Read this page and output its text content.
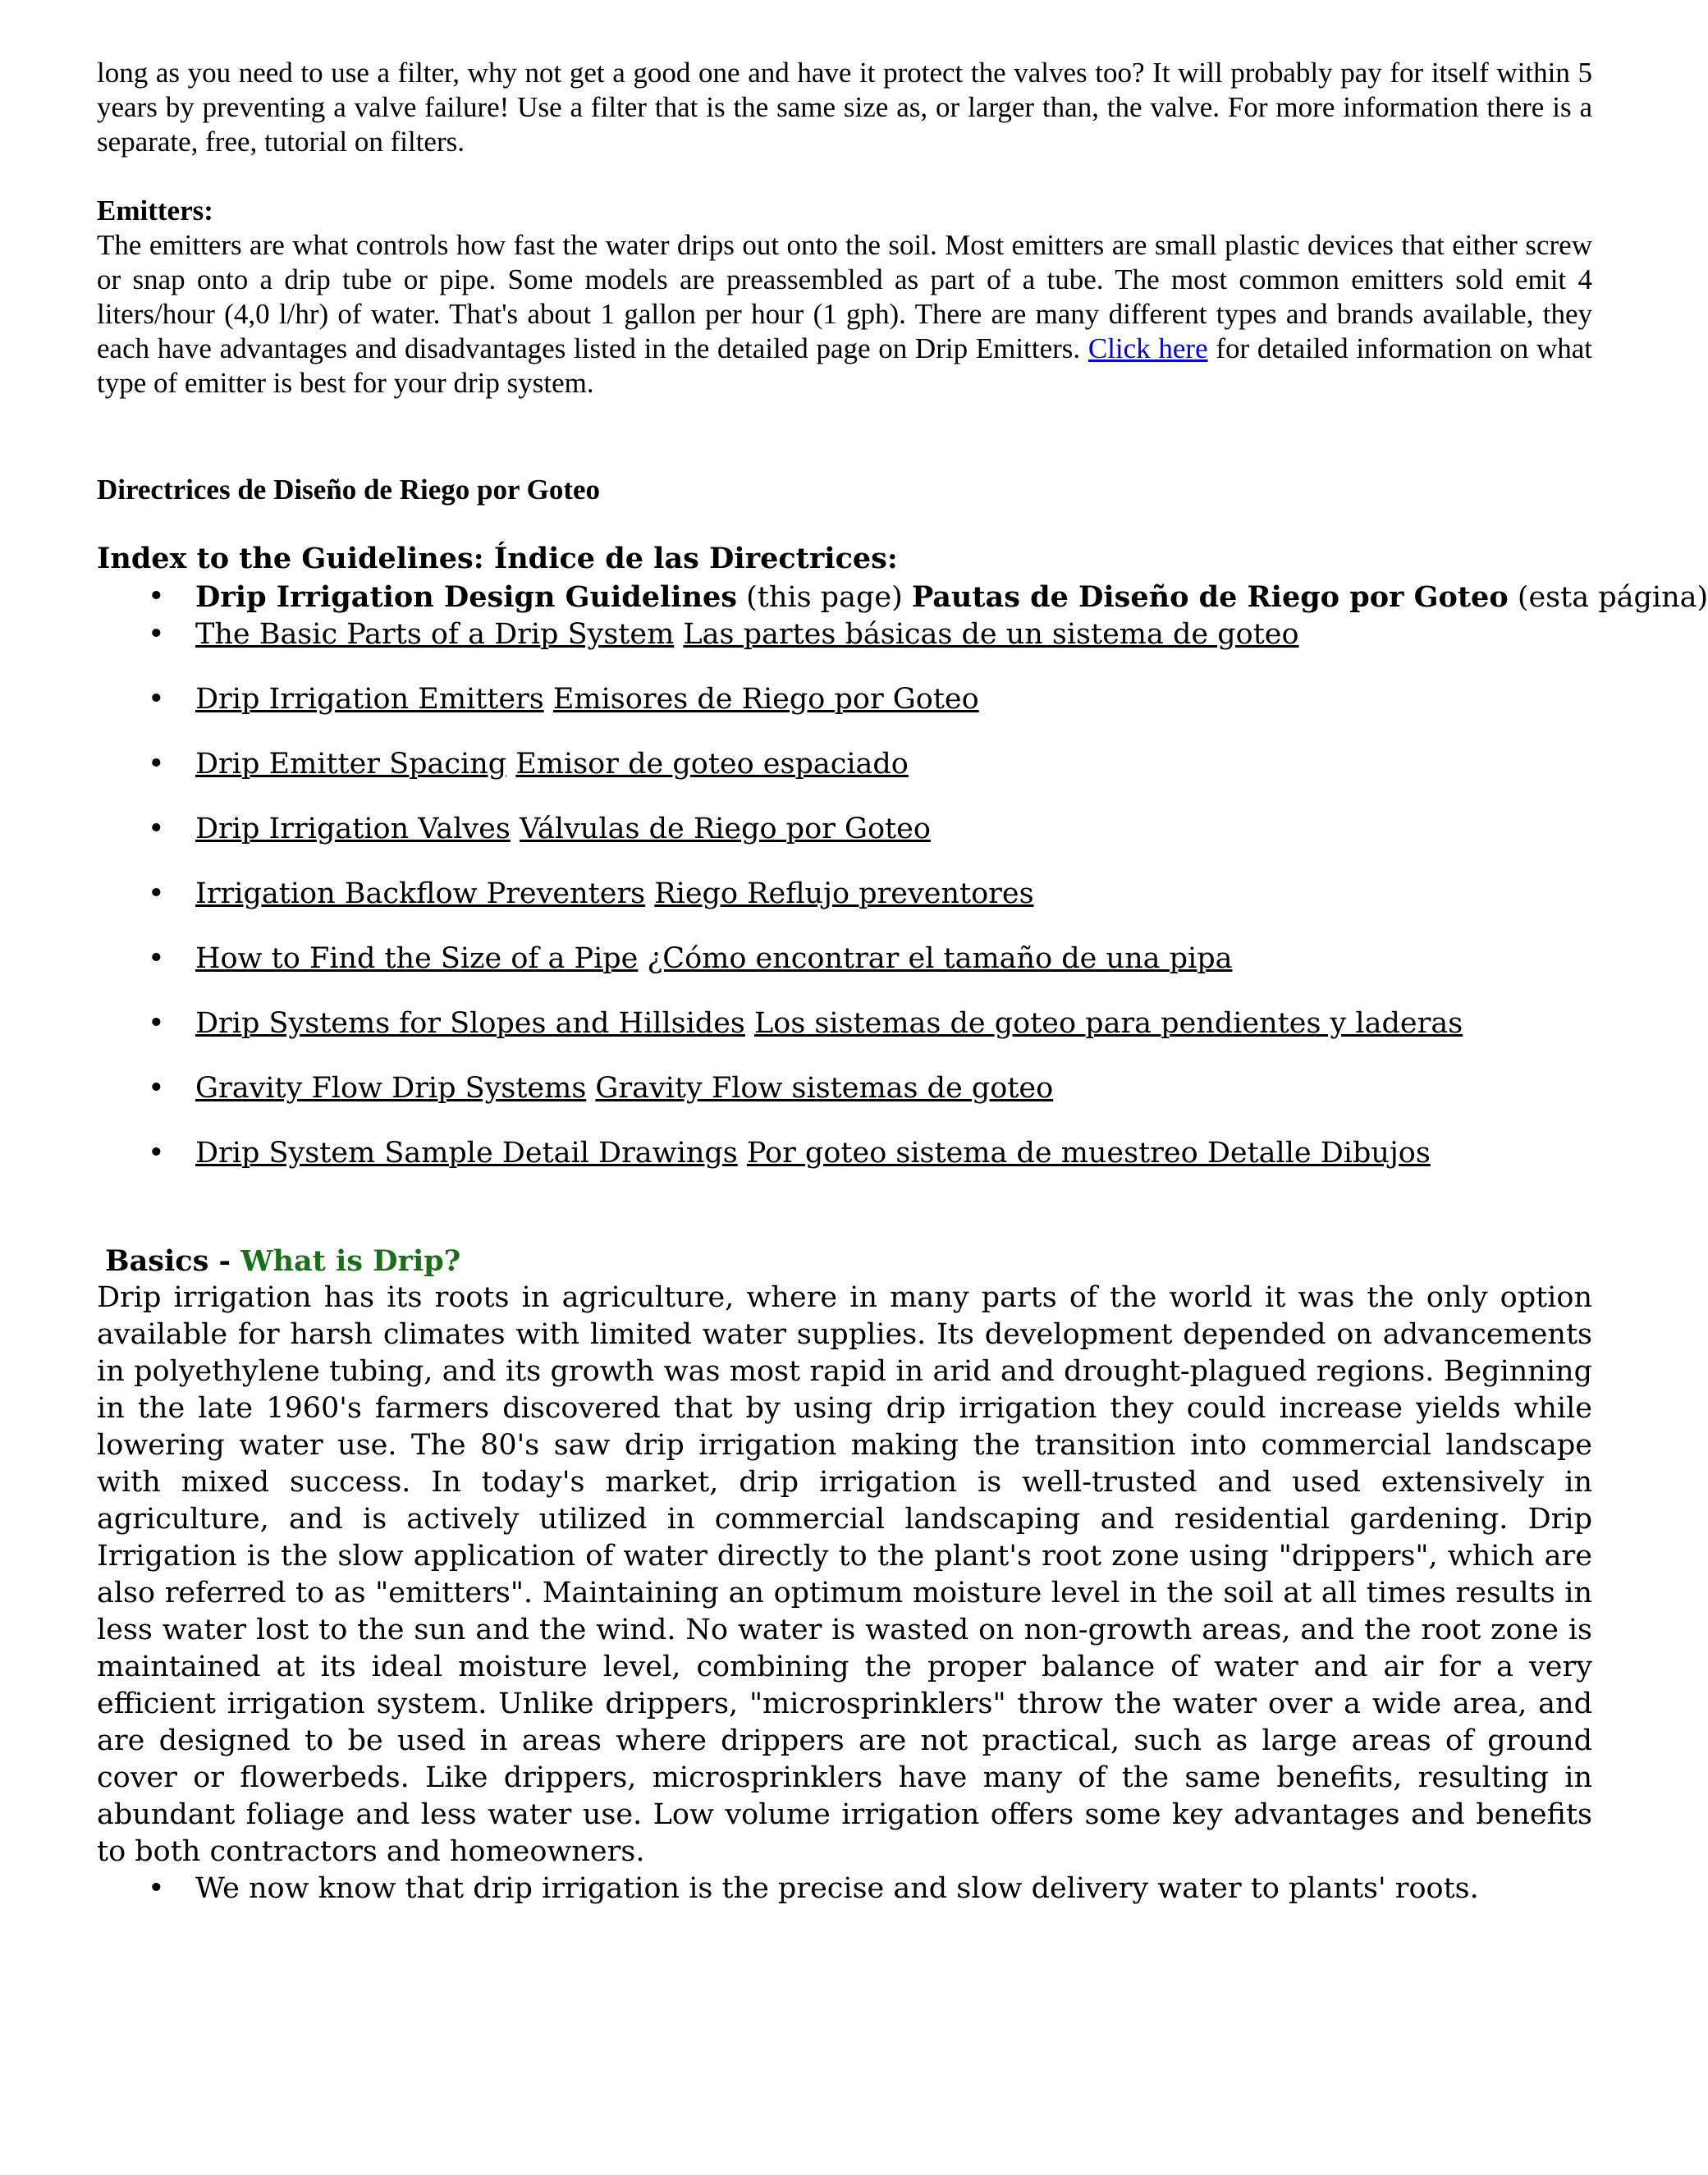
long as you need to use a filter, why not get a good one and have it protect the valves too? It will probably pay for itself within 5 years by preventing a valve failure! Use a filter that is the same size as, or larger than, the valve. For more information there is a separate, free, tutorial on filters.

Emitters:

The emitters are what controls how fast the water drips out onto the soil. Most emitters are small plastic devices that either screw or snap onto a drip tube or pipe. Some models are preassembled as part of a tube. The most common emitters sold emit 4 liters/hour (4,0 l/hr) of water. That's about 1 gallon per hour (1 gph). There are many different types and brands available, they each have advantages and disadvantages listed in the detailed page on Drip Emitters. Click here for detailed information on what type of emitter is best for your drip system.

Directrices de Diseño de Riego por Goteo
Index to the Guidelines: Índice de las Directrices:
• Drip Irrigation Design Guidelines (this page) Pautas de Diseño de Riego por Goteo (esta página)
• The Basic Parts of a Drip System Las partes básicas de un sistema de goteo
• Drip Irrigation Emitters Emisores de Riego por Goteo
• Drip Emitter Spacing Emisor de goteo espaciado
• Drip Irrigation Valves Válvulas de Riego por Goteo
• Irrigation Backflow Preventers Riego Reflujo preventores
• How to Find the Size of a Pipe ¿Cómo encontrar el tamaño de una pipa
• Drip Systems for Slopes and Hillsides Los sistemas de goteo para pendientes y laderas
• Gravity Flow Drip Systems Gravity Flow sistemas de goteo
• Drip System Sample Detail Drawings Por goteo sistema de muestreo Detalle Dibujos
Basics - What is Drip?

Drip irrigation has its roots in agriculture, where in many parts of the world it was the only option available for harsh climates with limited water supplies. Its development depended on advancements in polyethylene tubing, and its growth was most rapid in arid and drought-plagued regions. Beginning in the late 1960's farmers discovered that by using drip irrigation they could increase yields while lowering water use. The 80's saw drip irrigation making the transition into commercial landscape with mixed success. In today's market, drip irrigation is well-trusted and used extensively in agriculture, and is actively utilized in commercial landscaping and residential gardening. Drip Irrigation is the slow application of water directly to the plant's root zone using "drippers", which are also referred to as "emitters". Maintaining an optimum moisture level in the soil at all times results in less water lost to the sun and the wind. No water is wasted on non-growth areas, and the root zone is maintained at its ideal moisture level, combining the proper balance of water and air for a very efficient irrigation system. Unlike drippers, "microsprinklers" throw the water over a wide area, and are designed to be used in areas where drippers are not practical, such as large areas of ground cover or flowerbeds. Like drippers, microsprinklers have many of the same benefits, resulting in abundant foliage and less water use. Low volume irrigation offers some key advantages and benefits to both contractors and homeowners.

• We now know that drip irrigation is the precise and slow delivery water to plants' roots.
